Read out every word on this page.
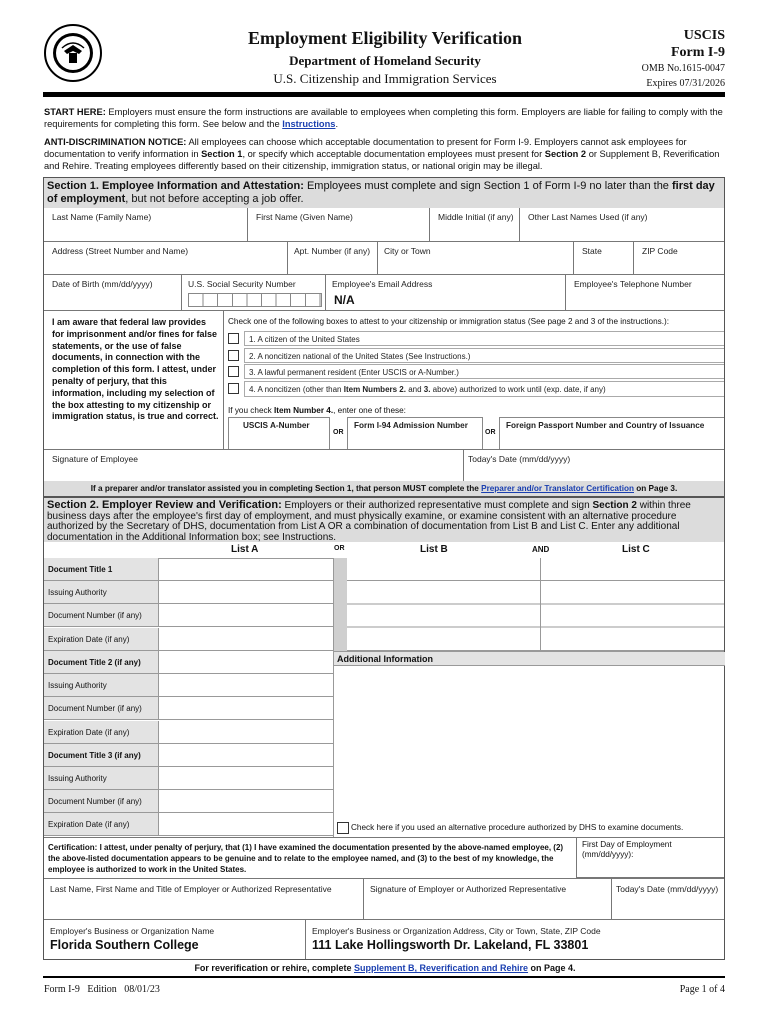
Employment Eligibility Verification
Department of Homeland Security
U.S. Citizenship and Immigration Services
USCIS
Form I-9
OMB No.1615-0047
Expires 07/31/2026
START HERE: Employers must ensure the form instructions are available to employees when completing this form. Employers are liable for failing to comply with the requirements for completing this form. See below and the Instructions.
ANTI-DISCRIMINATION NOTICE: All employees can choose which acceptable documentation to present for Form I-9. Employers cannot ask employees for documentation to verify information in Section 1, or specify which acceptable documentation employees must present for Section 2 or Supplement B, Reverification and Rehire. Treating employees differently based on their citizenship, immigration status, or national origin may be illegal.
Section 1. Employee Information and Attestation: Employees must complete and sign Section 1 of Form I-9 no later than the first day of employment, but not before accepting a job offer.
Last Name (Family Name)	First Name (Given Name)	Middle Initial (if any) Other Last Names Used (if any)
Address (Street Number and Name)	Apt. Number (if any) City or Town	State	ZIP Code
Date of Birth (mm/dd/yyyy)	U.S. Social Security Number	Employee's Email Address
N/A
Employee's Telephone Number
I am aware that federal law provides for imprisonment and/or fines for false statements, or the use of false documents, in connection with the completion of this form. I attest, under penalty of perjury, that this information, including my selection of the box attesting to my citizenship or immigration status, is true and correct.
Check one of the following boxes to attest to your citizenship or immigration status (See page 2 and 3 of the instructions.):
1. A citizen of the United States
2. A noncitizen national of the United States (See Instructions.)
3. A lawful permanent resident (Enter USCIS or A-Number.)
4. A noncitizen (other than Item Numbers 2. and 3. above) authorized to work until (exp. date, if any)
If you check Item Number 4., enter one of these:
USCIS A-Number
OR
Form I-94 Admission Number
OR
Foreign Passport Number and Country of Issuance
Signature of Employee	Today's Date (mm/dd/yyyy)
If a preparer and/or translator assisted you in completing Section 1, that person MUST complete the Preparer and/or Translator Certification on Page 3.
Section 2. Employer Review and Verification: Employers or their authorized representative must complete and sign Section 2 within three business days after the employee's first day of employment, and must physically examine, or examine consistent with an alternative procedure authorized by the Secretary of DHS, documentation from List A OR a combination of documentation from List B and List C. Enter any additional documentation in the Additional Information box; see Instructions.
List A	OR	List B	AND	List C
Document Title 1
Issuing Authority
Document Number (if any)
Expiration Date (if any)
Document Title 2 (if any)
Issuing Authority
Document Number (if any)
Expiration Date (if any)
Document Title 3 (if any)
Issuing Authority
Document Number (if any)
Expiration Date (if any)
Additional Information
Check here if you used an alternative procedure authorized by DHS to examine documents.
Certification: I attest, under penalty of perjury, that (1) I have examined the documentation presented by the above-named employee, (2) the above-listed documentation appears to be genuine and to relate to the employee named, and (3) to the best of my knowledge, the employee is authorized to work in the United States.
First Day of Employment (mm/dd/yyyy):
Last Name, First Name and Title of Employer or Authorized Representative	Signature of Employer or Authorized Representative	Today's Date (mm/dd/yyyy)
Employer's Business or Organization Name
Florida Southern College
Employer's Business or Organization Address, City or Town, State, ZIP Code
111 Lake Hollingsworth Dr. Lakeland, FL 33801
For reverification or rehire, complete Supplement B, Reverification and Rehire on Page 4.
Form I-9   Edition   08/01/23	Page 1 of 4
